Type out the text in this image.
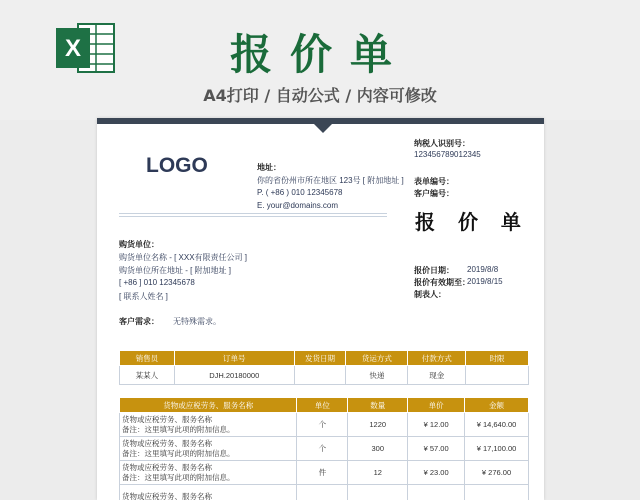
X	报价单
A4打印 / 自动公式 / 内容可修改
LOGO	地址：
你的省份州市所在地区 123号 [ 附加地址 ]
P. ( +86 ) 010 12345678
E. your@domains.com
纳税人识别号：
123456789012345
表单编号：
客户编号：
报 价 单
购货单位：
购货单位名称 - [ XXX有限责任公司 ]
购货单位所在地址 - [ 附加地址 ]
[ +86 ] 010 12345678
[ 联系人姓名 ]
报价日期： 2019/8/8
报价有效期至：
2019/8/15
制表人：
客户需求： 无特殊需求。
销售员	订单号	发货日期	货运方式	付款方式	时限
某某人	DJH.20180000		快递	现金	
货物或应税劳务、服务名称	单位	数量	单价	金额

货物或应税劳务、服务名称
备注：这里填写此项的附加信息。	个	1220	¥ 12.00	¥ 14,640.00

货物或应税劳务、服务名称
备注：这里填写此项的附加信息。	个	300	¥ 57.00	¥ 17,100.00

货物或应税劳务、服务名称
备注：这里填写此项的附加信息。	件	12	¥ 23.00	¥ 276.00

货物或应税劳务、服务名称				
